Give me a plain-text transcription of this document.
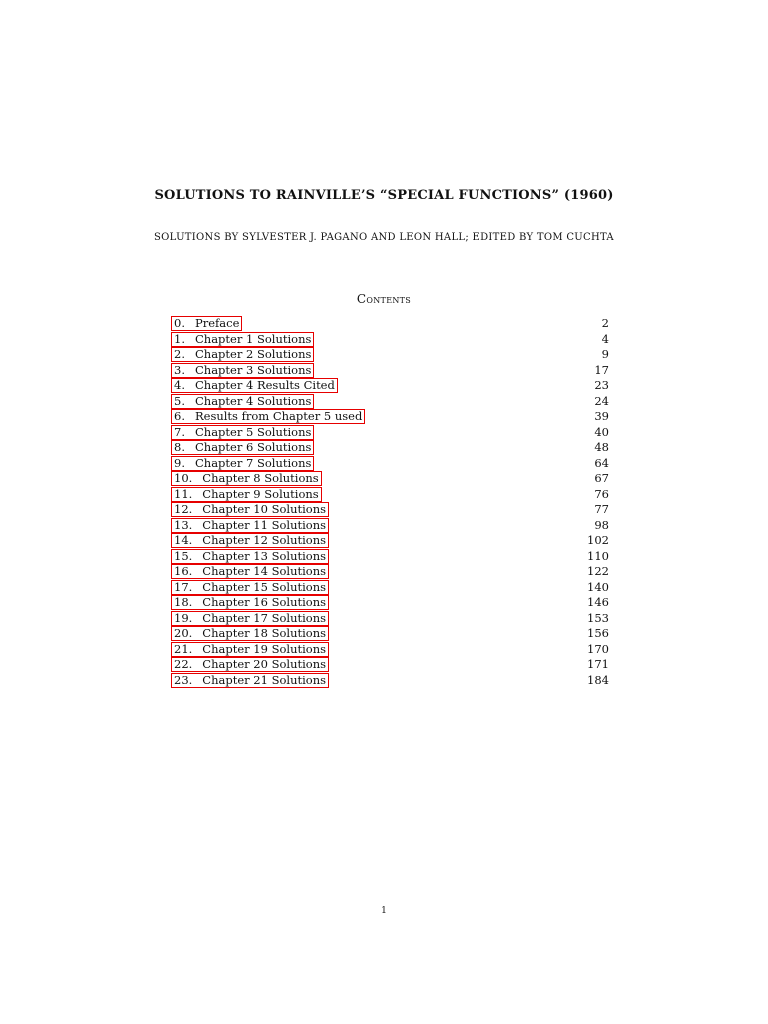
SOLUTIONS TO RAINVILLE’S “SPECIAL FUNCTIONS” (1960)
SOLUTIONS BY SYLVESTER J. PAGANO AND LEON HALL; EDITED BY TOM CUCHTA
Contents
0. Preface	2
1. Chapter 1 Solutions	4
2. Chapter 2 Solutions	9
3. Chapter 3 Solutions	17
4. Chapter 4 Results Cited	23
5. Chapter 4 Solutions	24
6. Results from Chapter 5 used	39
7. Chapter 5 Solutions	40
8. Chapter 6 Solutions	48
9. Chapter 7 Solutions	64
10. Chapter 8 Solutions	67
11. Chapter 9 Solutions	76
12. Chapter 10 Solutions	77
13. Chapter 11 Solutions	98
14. Chapter 12 Solutions	102
15. Chapter 13 Solutions	110
16. Chapter 14 Solutions	122
17. Chapter 15 Solutions	140
18. Chapter 16 Solutions	146
19. Chapter 17 Solutions	153
20. Chapter 18 Solutions	156
21. Chapter 19 Solutions	170
22. Chapter 20 Solutions	171
23. Chapter 21 Solutions	184
1
